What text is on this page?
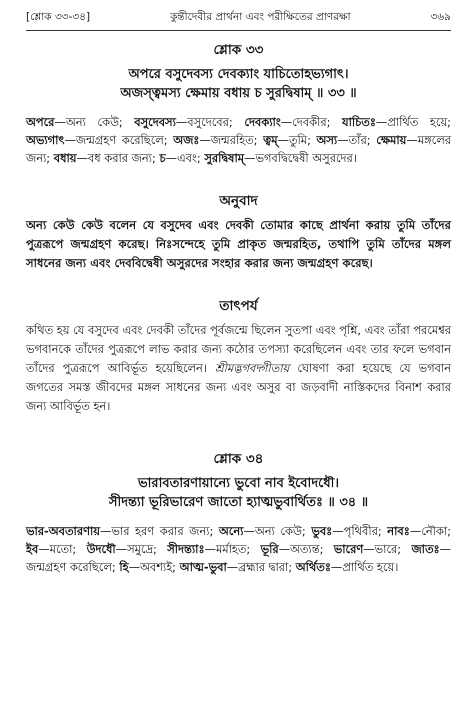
[শ্লোক ৩৩-৩৪]	কুন্তীদেবীর প্রার্থনা এবং পরীক্ষিতের প্রাণরক্ষা	৩৬৯
শ্লোক ৩৩
অপরে বসুদেবস্য দেবক্যাং যাচিতোহভ্যগাৎ।
অজস্ত্বমস্য ক্ষেমায় বধায় চ সুরদ্বিষাম্ ॥ ৩৩ ॥
অপরে—অন্য কেউ; বসুদেবস্য—বসুদেবের; দেবক্যাং—দেবকীর; যাচিতঃ—প্রার্থিত হয়ে; অভ্যগাৎ—জন্মগ্রহণ করেছিলে; অজঃ—জন্মরহিত; ত্বম্—তুমি; অস্য—তাঁর; ক্ষেমায়—মঙ্গলের জন্য; বধায়—বধ করার জন্য; চ—এবং; সুরদ্বিষাম্—ভগবদ্বিদ্বেষী অসুরদের।
অনুবাদ
অন্য কেউ কেউ বলেন যে বসুদেব এবং দেবকী তোমার কাছে প্রার্থনা করায় তুমি তাঁদের পুত্ররূপে জন্মগ্রহণ করেছ। নিঃসন্দেহে তুমি প্রাকৃত জন্মরহিত, তথাপি তুমি তাঁদের মঙ্গল সাধনের জন্য এবং দেববিদ্বেষী অসুরদের সংহার করার জন্য জন্মগ্রহণ করেছ।
তাৎপর্য
কথিত হয় যে বসুদেব এবং দেবকী তাঁদের পূর্বজন্মে ছিলেন সুতপা এবং পৃশ্নি, এবং তাঁরা পরমেশ্বর ভগবানকে তাঁদের পুত্ররূপে লাভ করার জন্য কঠোর তপস্যা করেছিলেন এবং তার ফলে ভগবান তাঁদের পুত্ররূপে আবির্ভূত হয়েছিলেন। শ্রীমদ্ভগবদ্গীতায় ঘোষণা করা হয়েছে যে ভগবান জগতের সমস্ত জীবদের মঙ্গল সাধনের জন্য এবং অসুর বা জড়বাদী নাস্তিকদের বিনাশ করার জন্য আবির্ভূত হন।
শ্লোক ৩৪
ভারাবতারণায়ান্যে ভুবো নাব ইবোদধৌ।
সীদন্ত্যা ভূরিভারেণ জাতো হ্যাত্মভুবার্থিতঃ ॥ ৩৪ ॥
ভার-অবতারণায়—ভার হরণ করার জন্য; অন্যে—অন্য কেউ; ভুবঃ—পৃথিবীর; নাবঃ—নৌকা; ইব—মতো; উদধৌ—সমুদ্রে; সীদন্ত্যাঃ—মর্মাহত; ভূরি—অত্যন্ত; ভারেণ—ভারে; জাতঃ—জন্মগ্রহণ করেছিলে; হি—অবশ্যই; আত্ম-ভুবা—ব্রহ্মার দ্বারা; অর্থিতঃ—প্রার্থিত হয়ে।
